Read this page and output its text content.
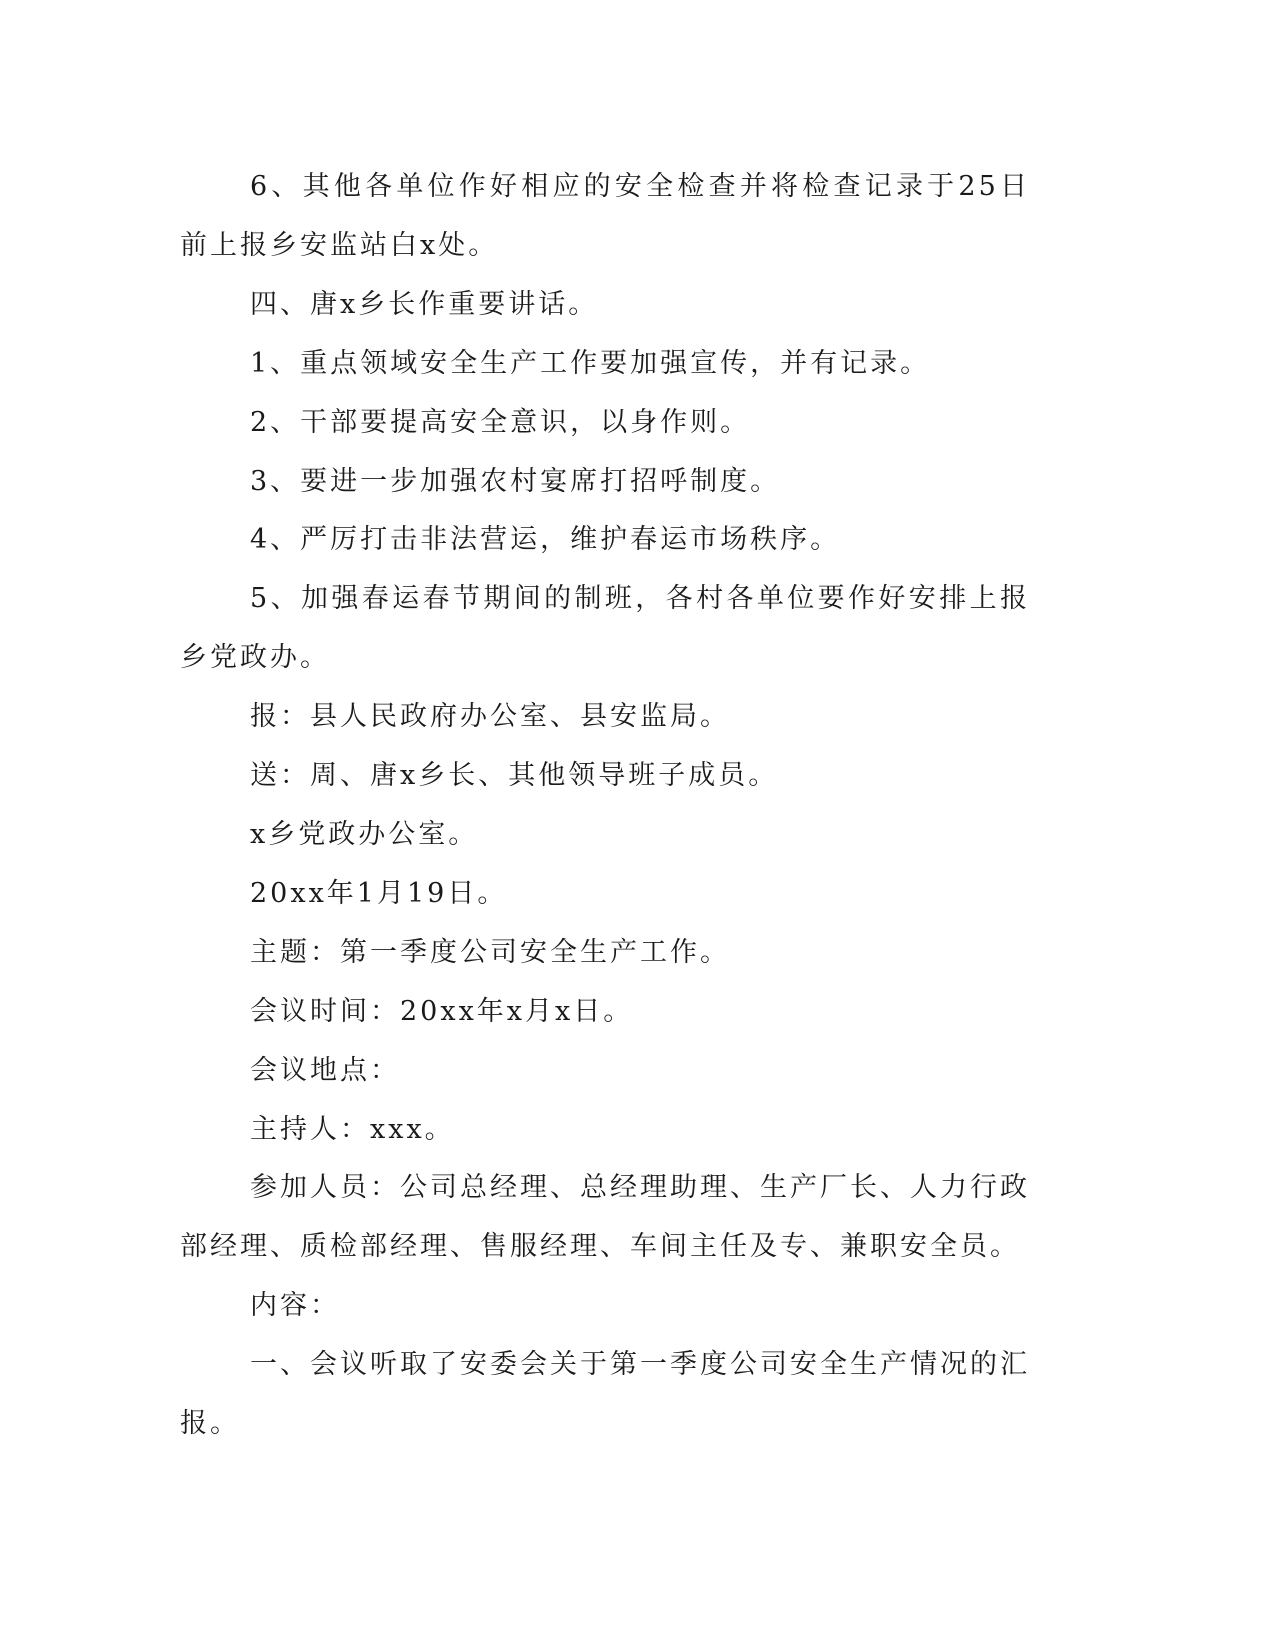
6、其他各单位作好相应的安全检查并将检查记录于25日前上报乡安监站白x处。

四、唐x乡长作重要讲话。

1、重点领域安全生产工作要加强宣传，并有记录。

2、干部要提高安全意识，以身作则。

3、要进一步加强农村宴席打招呼制度。

4、严厉打击非法营运，维护春运市场秩序。

5、加强春运春节期间的制班，各村各单位要作好安排上报乡党政办。

报：县人民政府办公室、县安监局。

送：周、唐x乡长、其他领导班子成员。

x乡党政办公室。

20xx年1月19日。

主题：第一季度公司安全生产工作。

会议时间：20xx年x月x日。

会议地点：

主持人：xxx。

参加人员：公司总经理、总经理助理、生产厂长、人力行政部经理、质检部经理、售服经理、车间主任及专、兼职安全员。

内容：

一、会议听取了安委会关于第一季度公司安全生产情况的汇报。
